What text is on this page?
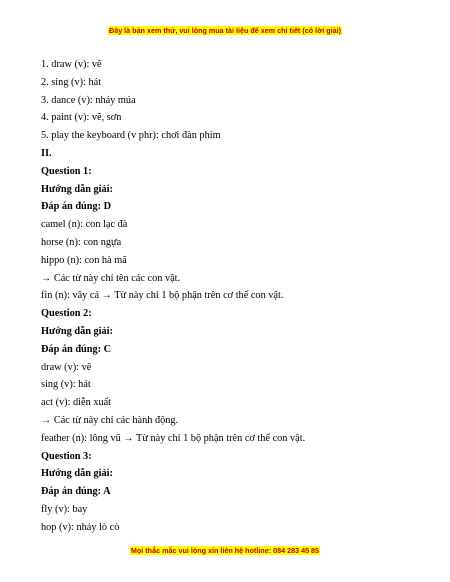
Đây là bản xem thử, vui lòng mua tài liệu để xem chi tiết (có lời giải)
1. draw (v): vẽ
2. sing (v): hát
3. dance (v): nhảy múa
4. paint (v): vẽ, sơn
5. play the keyboard (v phr): chơi đàn phím
II.
Question 1:
Hướng dẫn giải:
Đáp án đúng: D
camel (n): con lạc đà
horse (n): con ngựa
hippo (n): con hà mã
→ Các từ này chỉ tên các con vật.
fin (n): vây cá → Từ này chỉ 1 bộ phận trên cơ thể con vật.
Question 2:
Hướng dẫn giải:
Đáp án đúng: C
draw (v): vẽ
sing (v): hát
act (v): diễn xuất
→ Các từ này chỉ các hành động.
feather (n): lông vũ → Từ này chỉ 1 bộ phận trên cơ thể con vật.
Question 3:
Hướng dẫn giải:
Đáp án đúng: A
fly (v): bay
hop (v): nhảy lò cò
Mọi thắc mắc vui lòng xin liên hệ hotline: 084 283 45 85
